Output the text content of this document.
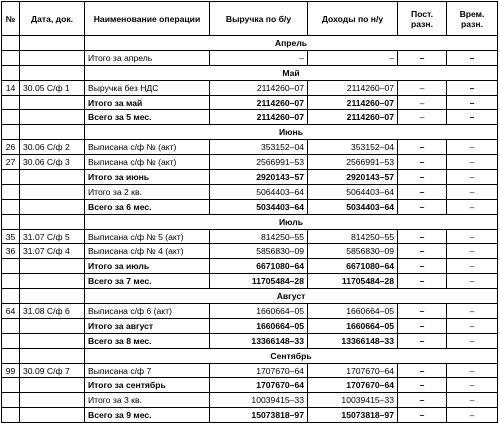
№	Дата, док.	Наименование операции	Выручка по б/у	Доходы по н/у	Пост. разн.	Врем. разн.
		Апрель				
		Итого за апрель	–	–	–	–
		Май				
14	30.05 С/ф 1	Выручка без НДС	2114260–07	2114260–07	–	–
		Итого за май	2114260–07	2114260–07	–	–
		Всего за 5 мес.	2114260–07	2114260–07	–	–
		Июнь				
26	30.06 С/ф 2	Выписана с/ф № (акт)	353152–04	353152–04	–	–
27	30.06 С/ф 3	Выписана с/ф № (акт)	2566991–53	2566991–53	–	–
		Итого за июнь	2920143–57	2920143–57	–	–
		Итого за 2 кв.	5064403–64	5064403–64	–	–
		Всего за 6 мес.	5034403–64	5034403–64	–	–
		Июль				
35	31.07 С/ф 5	Выписана с/ф № 5 (акт)	814250–55	814250–55	–	–
36	31.07 С/ф 4	Выписана с/ф № 4 (акт)	5856830–09	5856830–09	–	–
		Итого за июль	6671080–64	6671080–64	–	–
		Всего за 7 мес.	11705484–28	11705484–28	–	–
		Август				
64	31.08 С/ф 6	Выписана с/ф 6 (акт)	1660664–05	1660664–05	–	–
		Итого за август	1660664–05	1660664–05	–	–
		Всего за 8 мес.	13366148–33	13366148–33	–	–
		Сентябрь				
99	30.09 С/ф 7	Выписана с/ф 7	1707670–64	1707670–64	–	–
		Итого за сентябрь	1707670–64	1707670–64	–	–
		Итого за 3 кв.	10039415–33	10039415–33	–	–
		Всего за 9 мес.	15073818–97	15073818–97	–	–
